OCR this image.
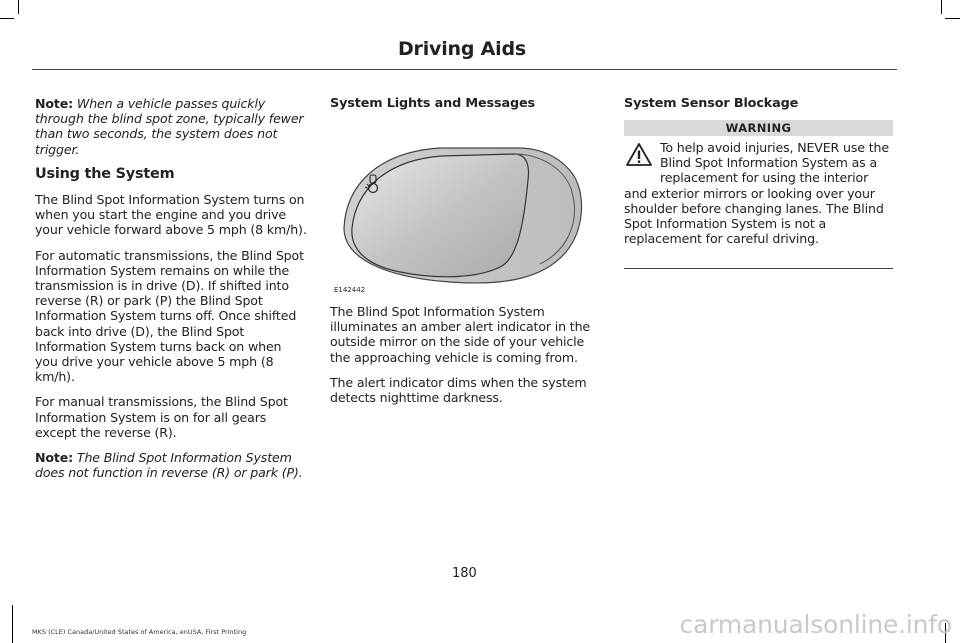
Driving Aids

Note: When a vehicle passes quickly through the blind spot zone, typically fewer than two seconds, the system does not trigger.

Using the System

The Blind Spot Information System turns on when you start the engine and you drive your vehicle forward above 5 mph (8 km/h).

For automatic transmissions, the Blind Spot Information System remains on while the transmission is in drive (D). If shifted into reverse (R) or park (P) the Blind Spot Information System turns off. Once shifted back into drive (D), the Blind Spot Information System turns back on when you drive your vehicle above 5 mph (8 km/h).

For manual transmissions, the Blind Spot Information System is on for all gears except the reverse (R).

Note: The Blind Spot Information System does not function in reverse (R) or park (P).

System Lights and Messages

The Blind Spot Information System illuminates an amber alert indicator in the outside mirror on the side of your vehicle the approaching vehicle is coming from.

The alert indicator dims when the system detects nighttime darkness.

E142442
System Sensor Blockage
WARNING
To help avoid injuries, NEVER use the Blind Spot Information System as a replacement for using the interior and exterior mirrors or looking over your shoulder before changing lanes. The Blind Spot Information System is not a replacement for careful driving.
180
MKS (CLE) Canada/United States of America, enUSA, First Printing	carmanualsonline.info
